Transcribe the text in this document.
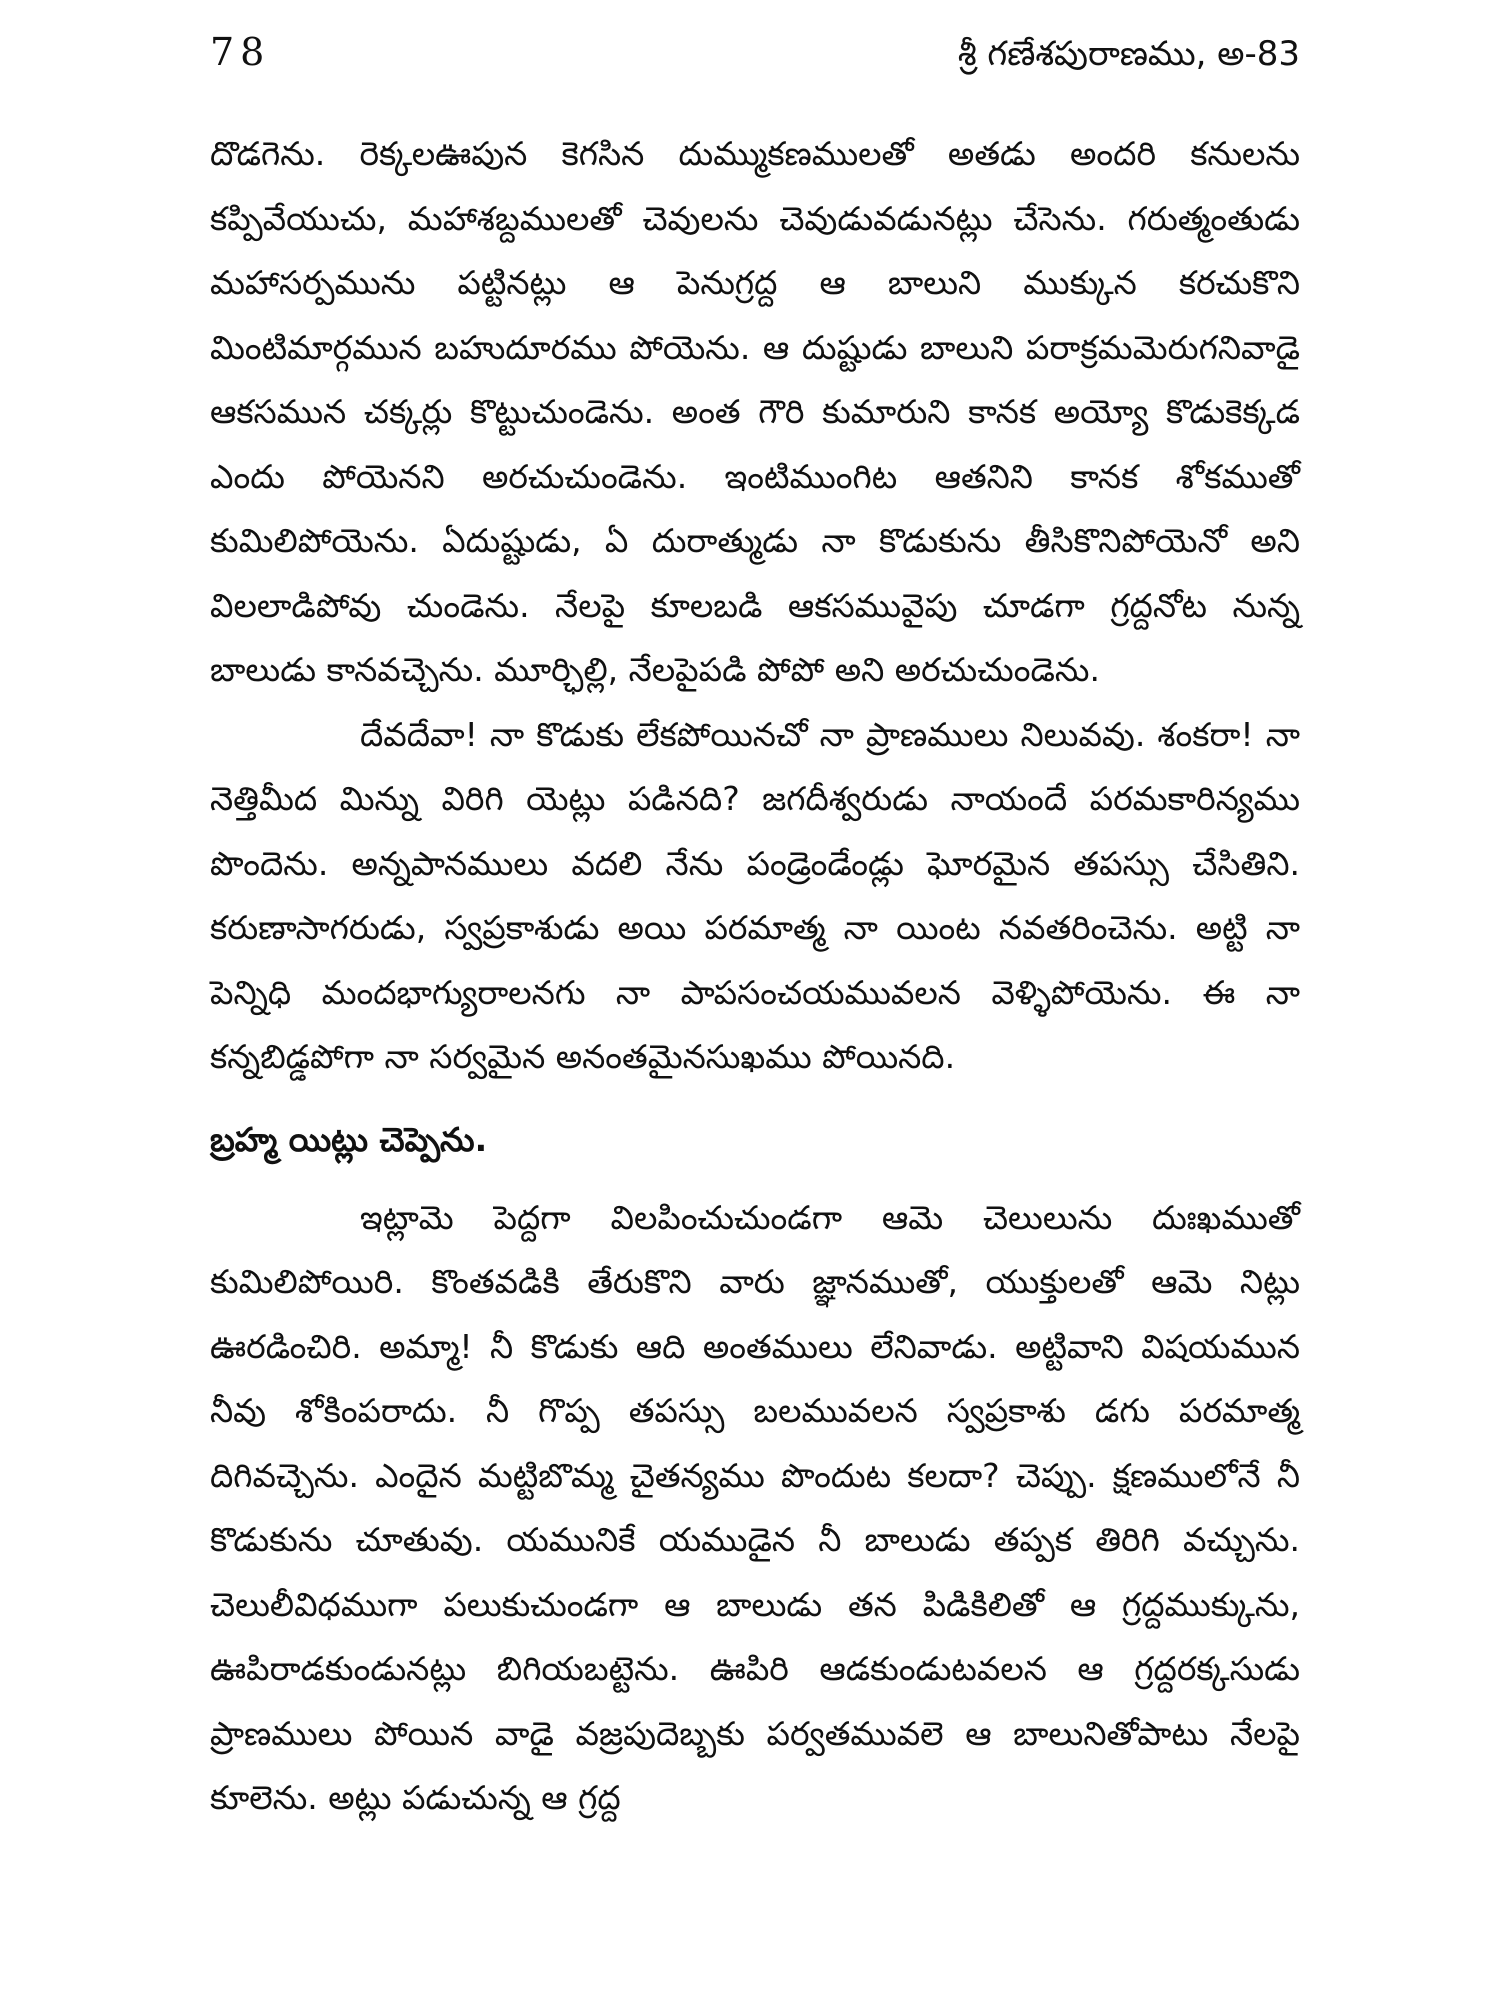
78	శ్రీ గణేశపురాణము, అ-83

దొడగెను. రెక్కలఊపున కెగసిన దుమ్ముకణములతో అతడు అందరి కనులను కప్పివేయుచు, మహాశబ్దములతో చెవులను చెవుడువడునట్లు చేసెను. గరుత్మంతుడు మహాసర్పమును పట్టినట్లు ఆ పెనుగ్రద్ద ఆ బాలుని ముక్కున కరచుకొని మింటిమార్గమున బహుదూరము పోయెను. ఆ దుష్టుడు బాలుని పరాక్రమమెరుగనివాడై ఆకసమున చక్కర్లు కొట్టుచుండెను. అంత గౌరి కుమారుని కానక అయ్యో కొడుకెక్కడ ఎందు పోయెనని అరచుచుండెను. ఇంటిముంగిట ఆతనిని కానక శోకముతో కుమిలిపోయెను. ఏదుష్టుడు, ఏ దురాత్ముడు నా కొడుకును తీసికొనిపోయెనో అని విలలాడిపోవు చుండెను. నేలపై కూలబడి ఆకసమువైపు చూడగా గ్రద్దనోట నున్న బాలుడు కానవచ్చెను. మూర్ఛిల్లి, నేలపైపడి పోపో అని అరచుచుండెను.

దేవదేవా! నా కొడుకు లేకపోయినచో నా ప్రాణములు నిలువవు. శంకరా! నా నెత్తిమీద మిన్ను విరిగి యెట్లు పడినది? జగదీశ్వరుడు నాయందే పరమకారిన్యము పొందెను. అన్నపానములు వదలి నేను పండ్రెండేండ్లు ఘోరమైన తపస్సు చేసితిని. కరుణాసాగరుడు, స్వప్రకాశుడు అయి పరమాత్మ నా యింట నవతరించెను. అట్టి నా పెన్నిధి మందభాగ్యురాలనగు నా పాపసంచయమువలన వెళ్ళిపోయెను. ఈ నా కన్నబిడ్డపోగా నా సర్వమైన అనంతమైనసుఖము పోయినది.

బ్రహ్మ యిట్లు చెప్పెను.

ఇట్లామె పెద్దగా విలపించుచుండగా ఆమె చెలులును దుఃఖముతో కుమిలిపోయిరి. కొంతవడికి తేరుకొని వారు జ్ఞానముతో, యుక్తులతో ఆమె నిట్లు ఊరడించిరి. అమ్మా! నీ కొడుకు ఆది అంతములు లేనివాడు. అట్టివాని విషయమున నీవు శోకింపరాదు. నీ గొప్ప తపస్సు బలమువలన స్వప్రకాశు డగు పరమాత్మ దిగివచ్చెను. ఎందైన మట్టిబొమ్మ చైతన్యము పొందుట కలదా? చెప్పు. క్షణములోనే నీ కొడుకును చూతువు. యమునికే యముడైన నీ బాలుడు తప్పక తిరిగి వచ్చును. చెలులీవిధముగా పలుకుచుండగా ఆ బాలుడు తన పిడికిలితో ఆ గ్రద్దముక్కును, ఊపిరాడకుండునట్లు బిగియబట్టెను. ఊపిరి ఆడకుండుటవలన ఆ గ్రద్దరక్కసుడు ప్రాణములు పోయిన వాడై వజ్రపుదెబ్బకు పర్వతమువలె ఆ బాలునితోపాటు నేలపై కూలెను. అట్లు పడుచున్న ఆ గ్రద్ద
